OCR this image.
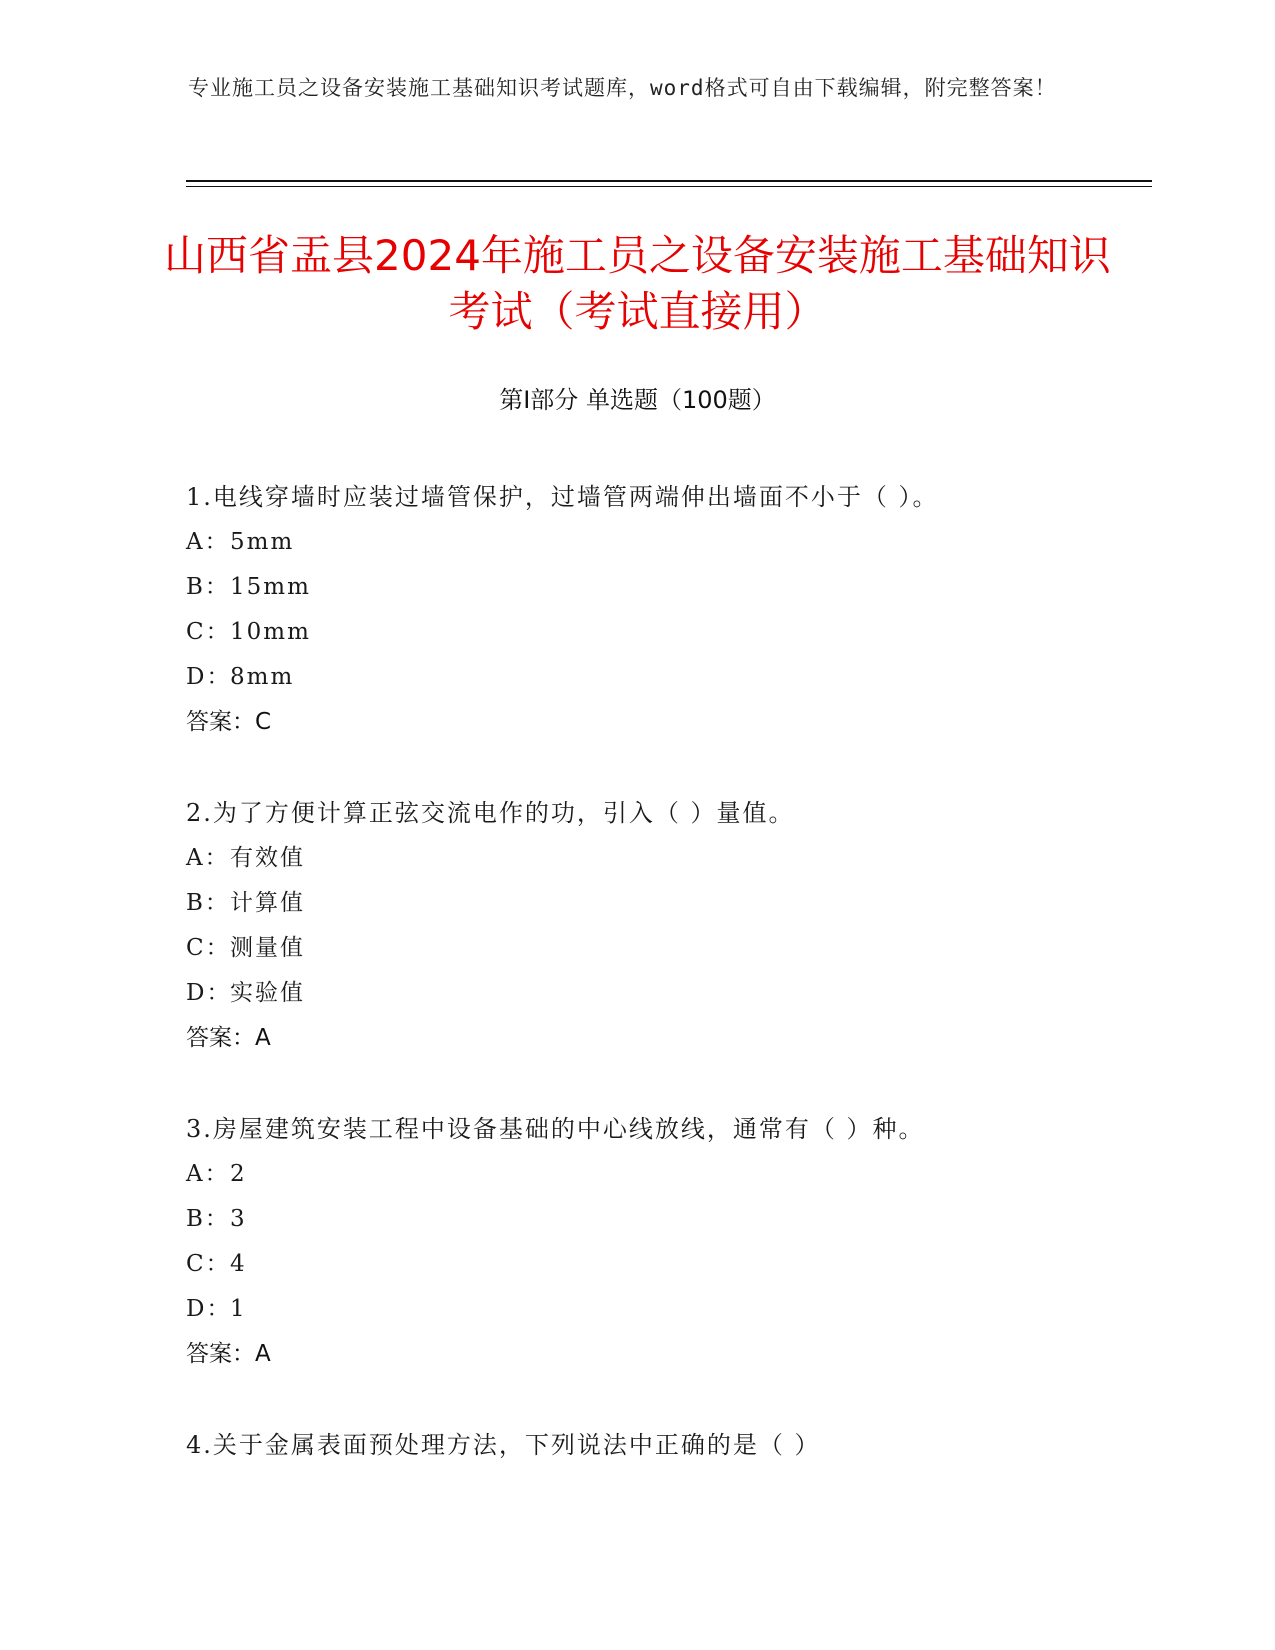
专业施工员之设备安装施工基础知识考试题库，word格式可自由下载编辑，附完整答案！
山西省盂县2024年施工员之设备安装施工基础知识考试（考试直接用）
第Ⅰ部分 单选题（100题）
1.电线穿墙时应装过墙管保护，过墙管两端伸出墙面不小于（ ）。
A：5mm
B：15mm
C：10mm
D：8mm
答案：C
2.为了方便计算正弦交流电作的功，引入（ ）量值。
A：有效值
B：计算值
C：测量值
D：实验值
答案：A
3.房屋建筑安装工程中设备基础的中心线放线，通常有（ ）种。
A：2
B：3
C：4
D：1
答案：A
4.关于金属表面预处理方法，下列说法中正确的是（ ）
